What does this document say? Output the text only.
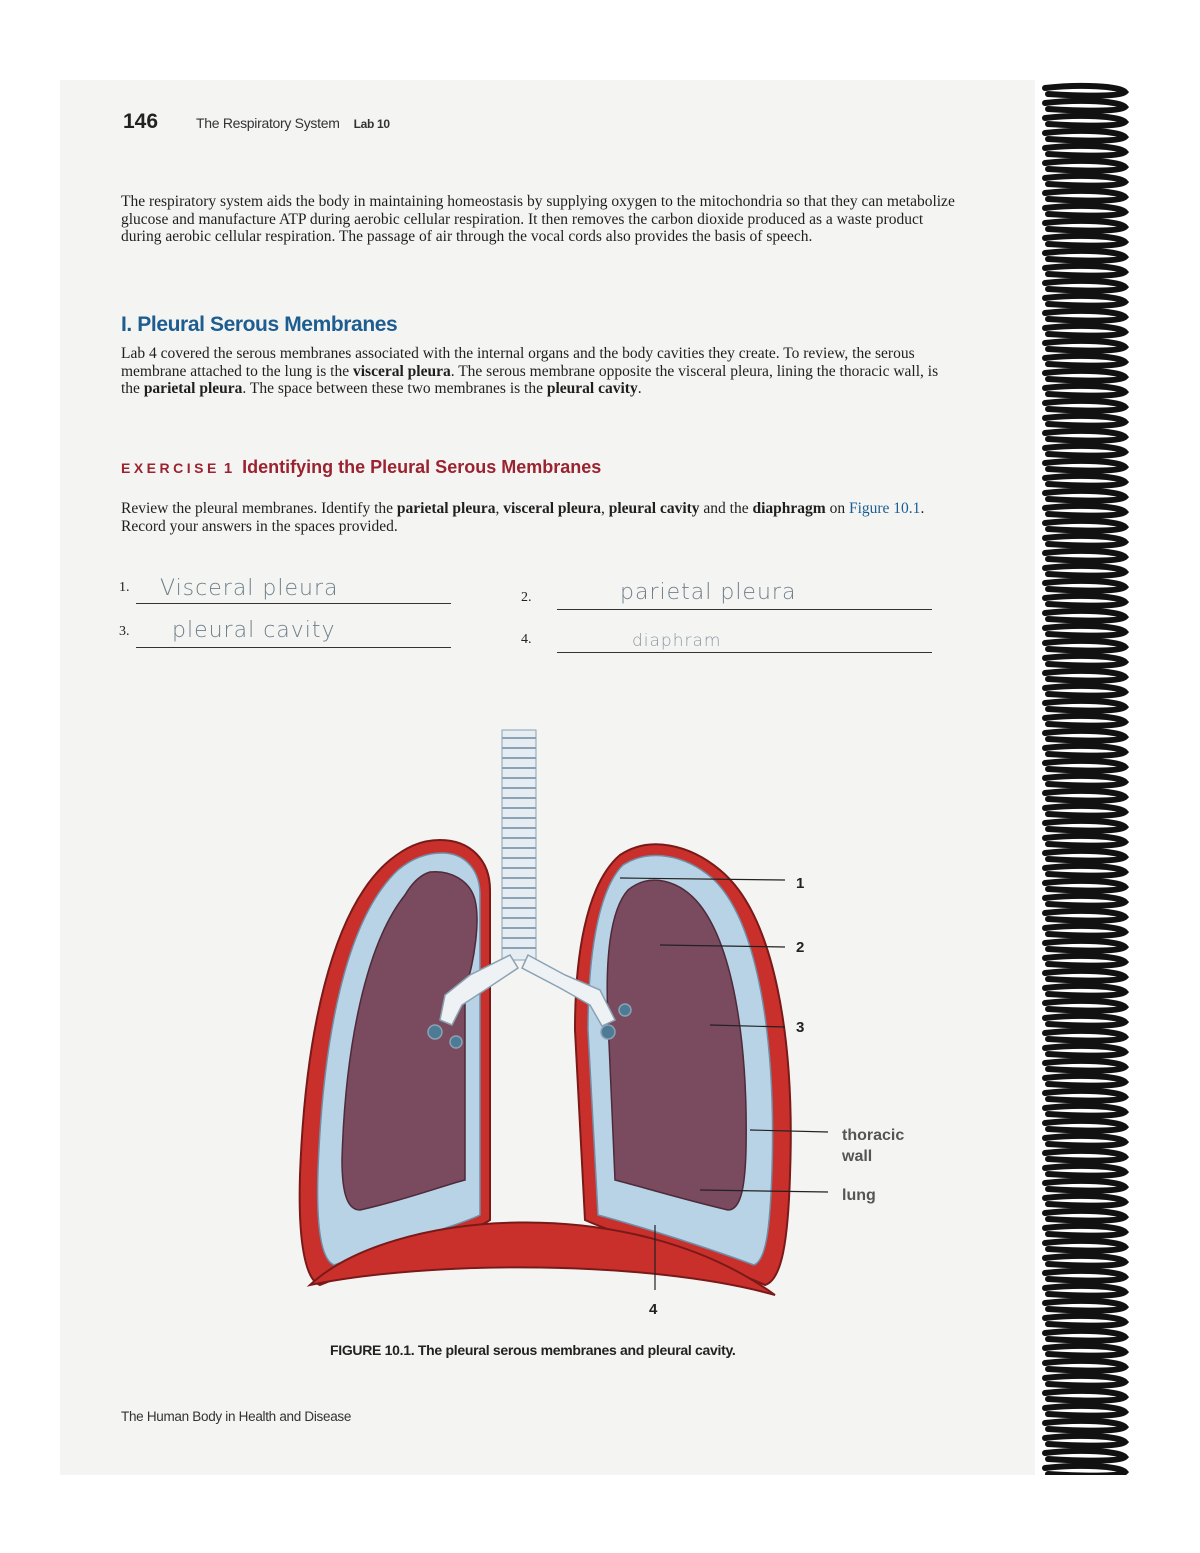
146	The Respiratory System Lab 10
The respiratory system aids the body in maintaining homeostasis by supplying oxygen to the mitochondria so that they can metabolize glucose and manufacture ATP during aerobic cellular respiration. It then removes the carbon dioxide produced as a waste product during aerobic cellular respiration. The passage of air through the vocal cords also provides the basis of speech.
I. Pleural Serous Membranes
Lab 4 covered the serous membranes associated with the internal organs and the body cavities they create. To review, the serous membrane attached to the lung is the visceral pleura. The serous membrane opposite the visceral pleura, lining the thoracic wall, is the parietal pleura. The space between these two membranes is the pleural cavity.
EXERCISE 1 Identifying the Pleural Serous Membranes
Review the pleural membranes. Identify the parietal pleura, visceral pleura, pleural cavity and the diaphragm on Figure 10.1. Record your answers in the spaces provided.
1. Visceral pleura	2.	parietal pleura
3. pleural cavity	4.	diaphram
1
2
3
4
thoracic
wall
lung
FIGURE 10.1. The pleural serous membranes and pleural cavity.
The Human Body in Health and Disease
